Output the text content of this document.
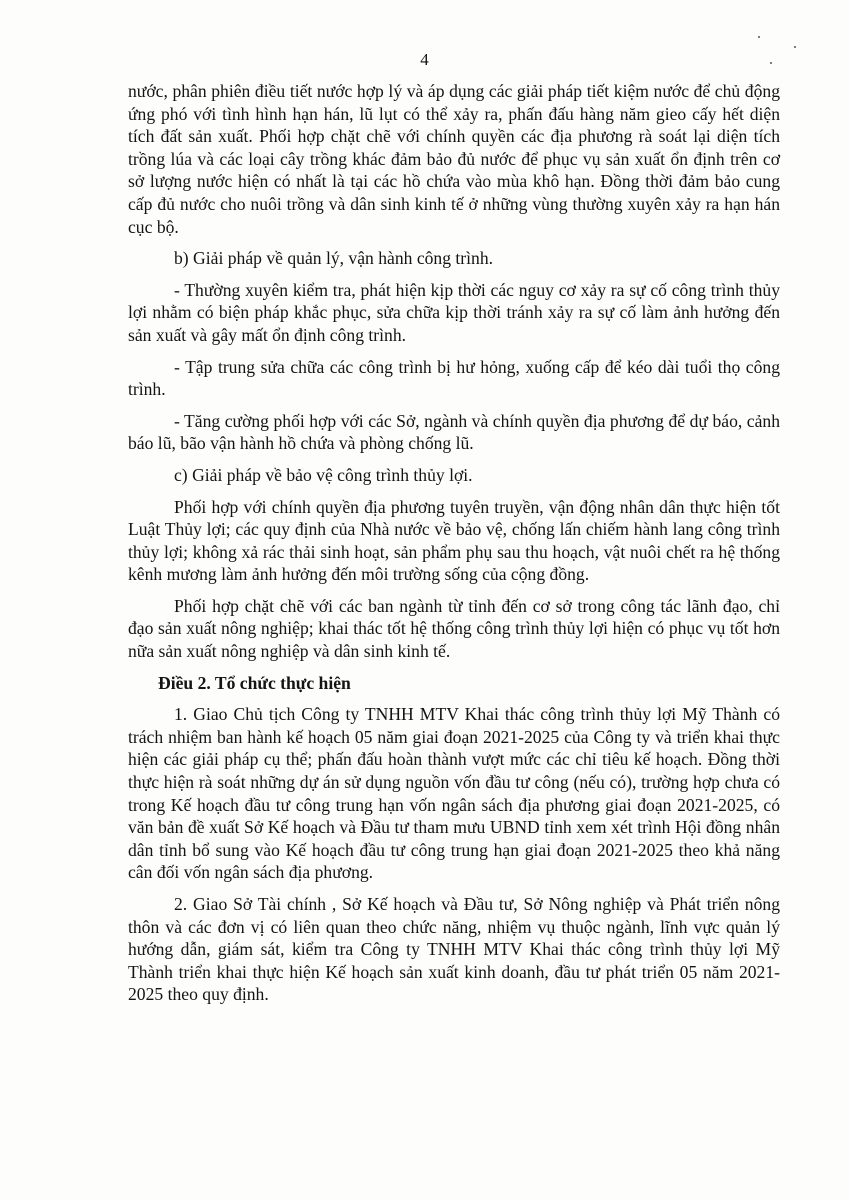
4

nước, phân phiên điều tiết nước hợp lý và áp dụng các giải pháp tiết kiệm nước để chủ động ứng phó với tình hình hạn hán, lũ lụt có thể xảy ra, phấn đấu hàng năm gieo cấy hết diện tích đất sản xuất. Phối hợp chặt chẽ với chính quyền các địa phương rà soát lại diện tích trồng lúa và các loại cây trồng khác đảm bảo đủ nước để phục vụ sản xuất ổn định trên cơ sở lượng nước hiện có nhất là tại các hồ chứa vào mùa khô hạn. Đồng thời đảm bảo cung cấp đủ nước cho nuôi trồng và dân sinh kinh tế ở những vùng thường xuyên xảy ra hạn hán cục bộ.

b) Giải pháp về quản lý, vận hành công trình.

- Thường xuyên kiểm tra, phát hiện kịp thời các nguy cơ xảy ra sự cố công trình thủy lợi nhằm có biện pháp khắc phục, sửa chữa kịp thời tránh xảy ra sự cố làm ảnh hưởng đến sản xuất và gây mất ổn định công trình.

- Tập trung sửa chữa các công trình bị hư hỏng, xuống cấp để kéo dài tuổi thọ công trình.

- Tăng cường phối hợp với các Sở, ngành và chính quyền địa phương để dự báo, cảnh báo lũ, bão vận hành hồ chứa và phòng chống lũ.

c) Giải pháp về bảo vệ công trình thủy lợi.

Phối hợp với chính quyền địa phương tuyên truyền, vận động nhân dân thực hiện tốt Luật Thủy lợi; các quy định của Nhà nước về bảo vệ, chống lấn chiếm hành lang công trình thủy lợi; không xả rác thải sinh hoạt, sản phẩm phụ sau thu hoạch, vật nuôi chết ra hệ thống kênh mương làm ảnh hưởng đến môi trường sống của cộng đồng.

Phối hợp chặt chẽ với các ban ngành từ tỉnh đến cơ sở trong công tác lãnh đạo, chỉ đạo sản xuất nông nghiệp; khai thác tốt hệ thống công trình thủy lợi hiện có phục vụ tốt hơn nữa sản xuất nông nghiệp và dân sinh kinh tế.

Điều 2. Tổ chức thực hiện

1. Giao Chủ tịch Công ty TNHH MTV Khai thác công trình thủy lợi Mỹ Thành có trách nhiệm ban hành kế hoạch 05 năm giai đoạn 2021-2025 của Công ty và triển khai thực hiện các giải pháp cụ thể; phấn đấu hoàn thành vượt mức các chỉ tiêu kế hoạch. Đồng thời thực hiện rà soát những dự án sử dụng nguồn vốn đầu tư công (nếu có), trường hợp chưa có trong Kế hoạch đầu tư công trung hạn vốn ngân sách địa phương giai đoạn 2021-2025, có văn bản đề xuất Sở Kế hoạch và Đầu tư tham mưu UBND tỉnh xem xét trình Hội đồng nhân dân tỉnh bổ sung vào Kế hoạch đầu tư công trung hạn giai đoạn 2021-2025 theo khả năng cân đối vốn ngân sách địa phương.

2. Giao Sở Tài chính , Sở Kế hoạch và Đầu tư, Sở Nông nghiệp và Phát triển nông thôn và các đơn vị có liên quan theo chức năng, nhiệm vụ thuộc ngành, lĩnh vực quản lý hướng dẫn, giám sát, kiểm tra Công ty TNHH MTV Khai thác công trình thủy lợi Mỹ Thành triển khai thực hiện Kế hoạch sản xuất kinh doanh, đầu tư phát triển 05 năm 2021-2025 theo quy định.
